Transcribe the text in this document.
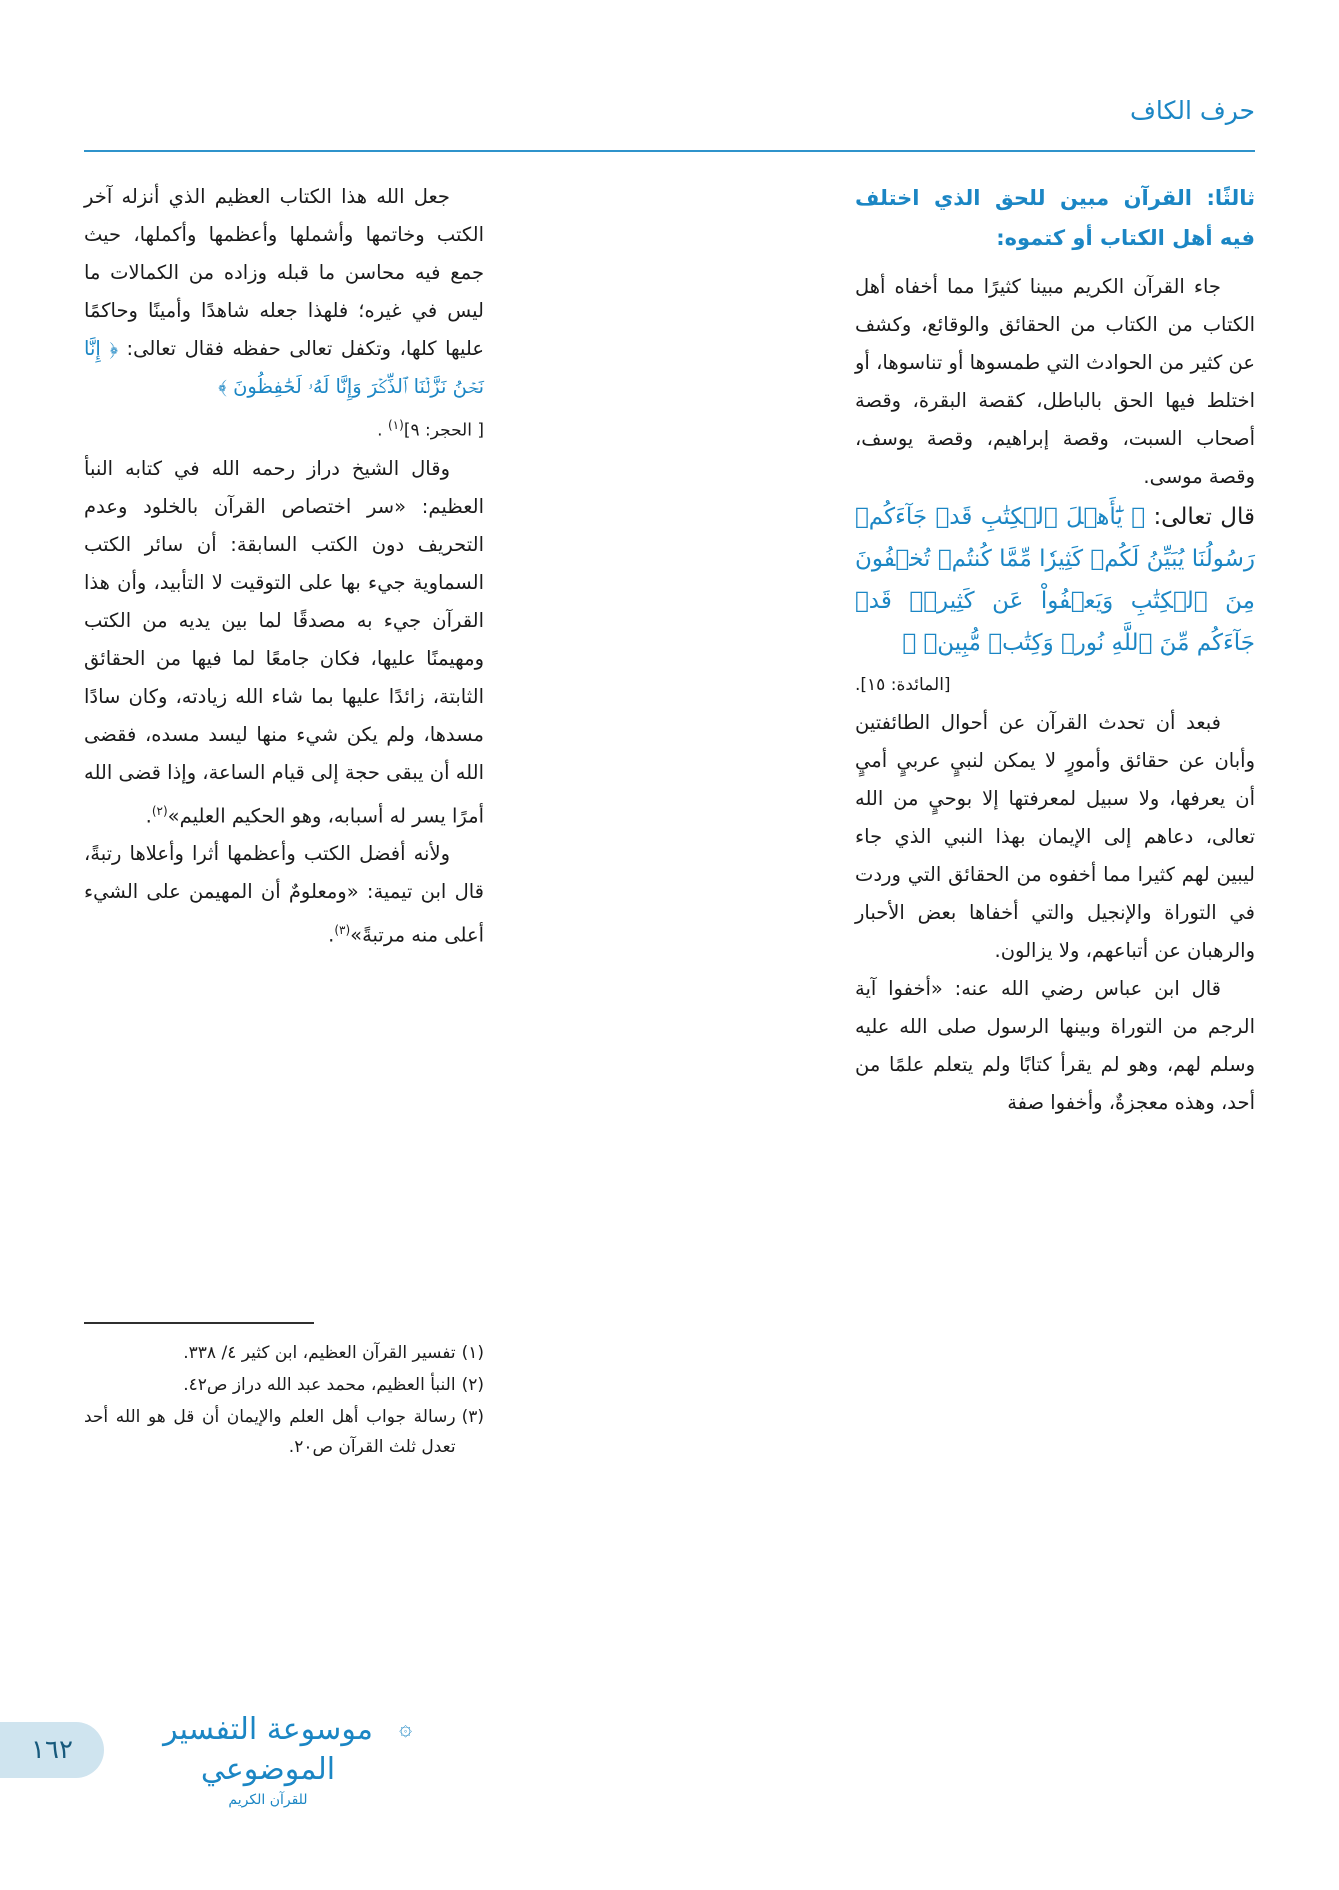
حرف الكاف

ثالثًا: القرآن مبين للحق الذي اختلف فيه أهل الكتاب أو كتموه:

جاء القرآن الكريم مبينا كثيرًا مما أخفاه أهل الكتاب من الكتاب من الحقائق والوقائع، وكشف عن كثير من الحوادث التي طمسوها أو تناسوها، أو اختلط فيها الحق بالباطل، كقصة البقرة، وقصة أصحاب السبت، وقصة إبراهيم، وقصة يوسف، وقصة موسى.

قال تعالى: ﴿ يَٰٓأَهۡلَ ٱلۡكِتَٰبِ قَدۡ جَآءَكُمۡ رَسُولُنَا يُبَيِّنُ لَكُمۡ كَثِيرٗا مِّمَّا كُنتُمۡ تُخۡفُونَ مِنَ ٱلۡكِتَٰبِ وَيَعۡفُواْ عَن كَثِيرٖۚ قَدۡ جَآءَكُم مِّنَ ٱللَّهِ نُورٞ وَكِتَٰبٞ مُّبِينٞ ﴾

[المائدة: ١٥].

فبعد أن تحدث القرآن عن أحوال الطائفتين وأبان عن حقائق وأمورٍ لا يمكن لنبيٍ عربيٍ أميٍ أن يعرفها، ولا سبيل لمعرفتها إلا بوحيٍ من الله تعالى، دعاهم إلى الإيمان بهذا النبي الذي جاء ليبين لهم كثيرا مما أخفوه من الحقائق التي وردت في التوراة والإنجيل والتي أخفاها بعض الأحبار والرهبان عن أتباعهم، ولا يزالون.

قال ابن عباس رضي الله عنه: «أخفوا آية الرجم من التوراة وبينها الرسول صلى الله عليه وسلم لهم، وهو لم يقرأ كتابًا ولم يتعلم علمًا من أحد، وهذه معجزةٌ، وأخفوا صفة

جعل الله هذا الكتاب العظيم الذي أنزله آخر الكتب وخاتمها وأشملها وأعظمها وأكملها، حيث جمع فيه محاسن ما قبله وزاده من الكمالات ما ليس في غيره؛ فلهذا جعله شاهدًا وأمينًا وحاكمًا عليها كلها، وتكفل تعالى حفظه فقال تعالى: ﴿ إِنَّا نَحۡنُ نَزَّلۡنَا ٱلذِّكۡرَ وَإِنَّا لَهُۥ لَحَٰفِظُونَ ﴾

[ الحجر: ٩]$^{(١)}$ .

وقال الشيخ دراز رحمه الله في كتابه النبأ العظيم: «سر اختصاص القرآن بالخلود وعدم التحريف دون الكتب السابقة: أن سائر الكتب السماوية جيء بها على التوقيت لا التأبيد، وأن هذا القرآن جيء به مصدقًا لما بين يديه من الكتب ومهيمنًا عليها، فكان جامعًا لما فيها من الحقائق الثابتة، زائدًا عليها بما شاء الله زيادته، وكان سادًا مسدها، ولم يكن شيء منها ليسد مسده، فقضى الله أن يبقى حجة إلى قيام الساعة، وإذا قضى الله أمرًا يسر له أسبابه، وهو الحكيم العليم»$^{(٢)}$.

ولأنه أفضل الكتب وأعظمها أثرا وأعلاها رتبةً، قال ابن تيمية: «ومعلومٌ أن المهيمن على الشيء أعلى منه مرتبةً»$^{(٣)}$.

(١)
تفسير القرآن العظيم، ابن كثير ٤/ ٣٣٨.
(٢)
النبأ العظيم، محمد عبد الله دراز ص٤٢.
(٣)
رسالة جواب أهل العلم والإيمان أن قل هو الله أحد تعدل ثلث القرآن ص٢٠.
١٦٢
۞
موسوعة التفسير الموضوعي
للقرآن الكريم
